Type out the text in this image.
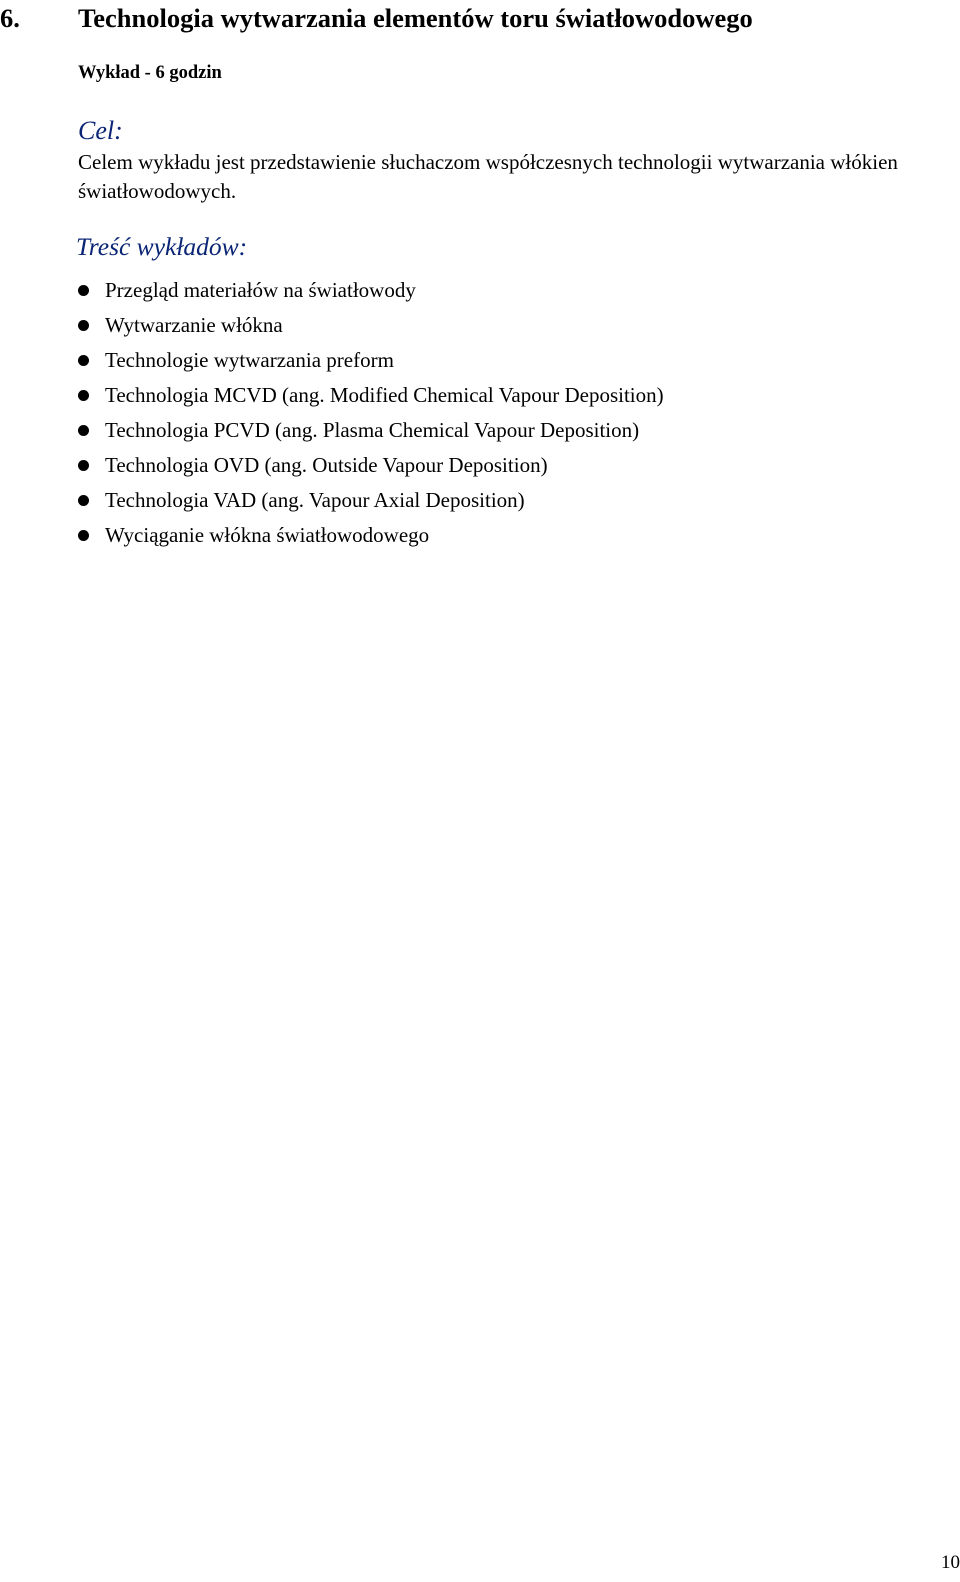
6. Technologia wytwarzania elementów toru światłowodowego
Wykład - 6 godzin
Cel:

Celem wykładu jest przedstawienie słuchaczom współczesnych technologii wytwarzania włókien światłowodowych.

Treść wykładów:
Przegląd materiałów na światłowody
Wytwarzanie włókna
Technologie wytwarzania preform
Technologia MCVD (ang. Modified Chemical Vapour Deposition)
Technologia PCVD (ang. Plasma Chemical Vapour Deposition)
Technologia OVD (ang. Outside Vapour Deposition)
Technologia VAD (ang. Vapour Axial Deposition)
Wyciąganie włókna światłowodowego
10
